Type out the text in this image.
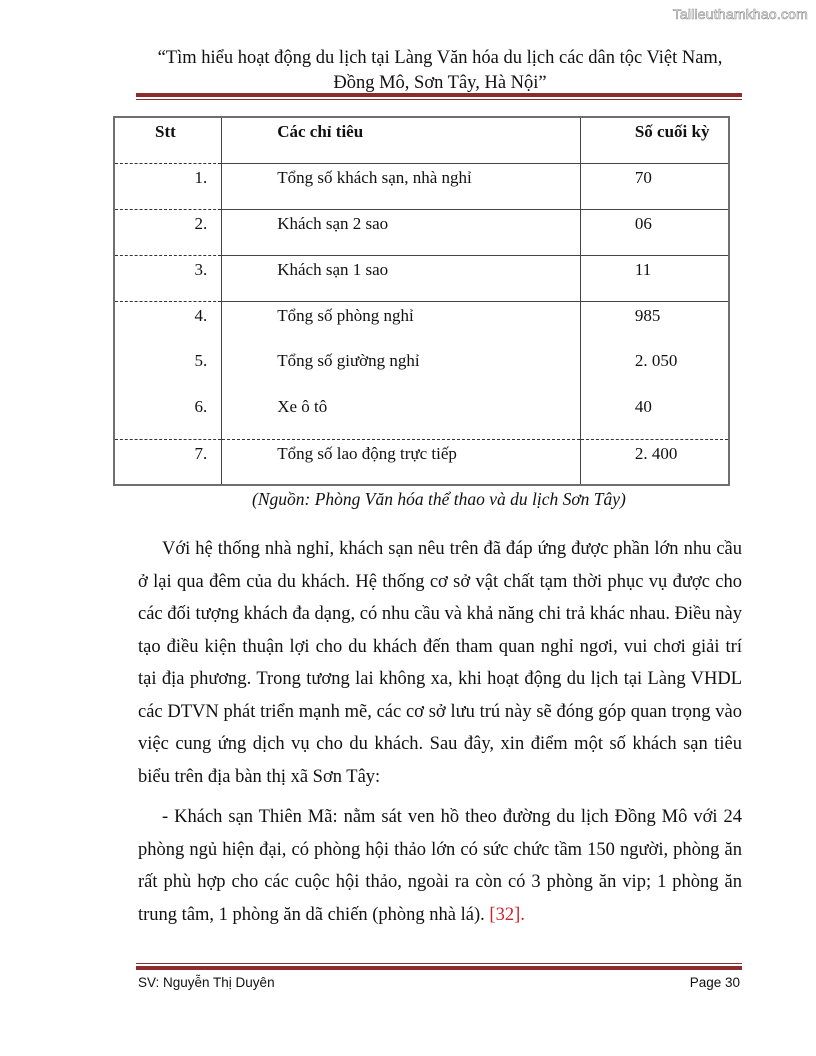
Tailieuthamkhao.com
“Tìm hiểu hoạt động du lịch tại Làng Văn hóa du lịch các dân tộc Việt Nam,
Đồng Mô, Sơn Tây, Hà Nội”
Stt	Các chỉ tiêu	Số cuối kỳ
1.	Tổng số khách sạn, nhà nghỉ	70
2.	Khách sạn 2 sao	06
3.	Khách sạn 1 sao	11
4.	Tổng số phòng nghỉ	985
5.	Tổng số giường nghỉ	2. 050
6.	Xe ô tô	40
7.	Tổng số lao động trực tiếp	2. 400
(Nguồn: Phòng Văn hóa thể thao và du lịch Sơn Tây)
Với hệ thống nhà nghỉ, khách sạn nêu trên đã đáp ứng được phần lớn nhu cầu ở lại qua đêm của du khách. Hệ thống cơ sở vật chất tạm thời phục vụ được cho các đối tượng khách đa dạng, có nhu cầu và khả năng chi trả khác nhau. Điều này tạo điều kiện thuận lợi cho du khách đến tham quan nghỉ ngơi, vui chơi giải trí tại địa phương. Trong tương lai không xa, khi hoạt động du lịch tại Làng VHDL các DTVN phát triển mạnh mẽ, các cơ sở lưu trú này sẽ đóng góp quan trọng vào việc cung ứng dịch vụ cho du khách. Sau đây, xin điểm một số khách sạn tiêu biểu trên địa bàn thị xã Sơn Tây:
- Khách sạn Thiên Mã: nằm sát ven hồ theo đường du lịch Đồng Mô với 24 phòng ngủ hiện đại, có phòng hội thảo lớn có sức chức tầm 150 người, phòng ăn rất phù hợp cho các cuộc hội thảo, ngoài ra còn có 3 phòng ăn vip; 1 phòng ăn trung tâm, 1 phòng ăn dã chiến (phòng nhà lá). [32].
SV: Nguyễn Thị Duyên	Page 30
